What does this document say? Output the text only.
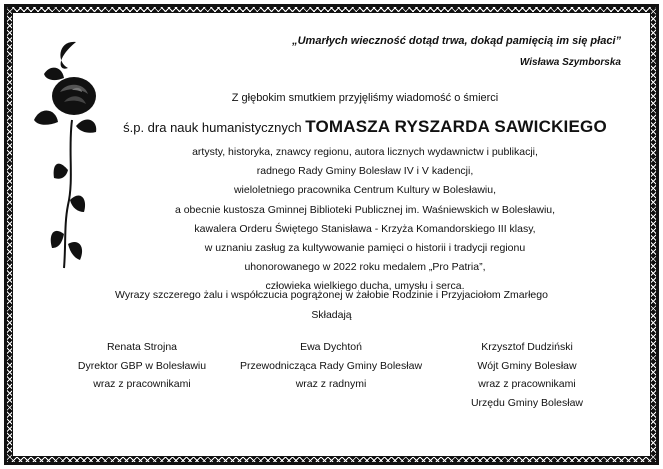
„Umarłych wieczność dotąd trwa, dokąd pamięcią im się płaci”
Wisława Szymborska
Z głębokim smutkiem przyjęliśmy wiadomość o śmierci
ś.p. dra nauk humanistycznych TOMASZA RYSZARDA SAWICKIEGO
artysty, historyka, znawcy regionu, autora licznych wydawnictw i publikacji,
radnego Rady Gminy Bolesław IV i V kadencji,
wieloletniego pracownika Centrum Kultury w Bolesławiu,
a obecnie kustosza Gminnej Biblioteki Publicznej im. Waśniewskich w Bolesławiu,
kawalera Orderu Świętego Stanisława - Krzyża Komandorskiego III klasy,
w uznaniu zasług za kultywowanie pamięci o historii i tradycji regionu
uhonorowanego w 2022 roku medalem „Pro Patria”,
człowieka wielkiego ducha, umysłu i serca.
Wyrazy szczerego żalu i współczucia pogrążonej w żałobie Rodzinie i Przyjaciołom Zmarłego
Składają
Renata Strojna
Dyrektor GBP w Bolesławiu
wraz z pracownikami
Ewa Dychtoń
Przewodnicząca Rady Gminy Bolesław
wraz z radnymi
Krzysztof Dudziński
Wójt Gminy Bolesław
wraz z pracownikami
Urzędu Gminy Bolesław
